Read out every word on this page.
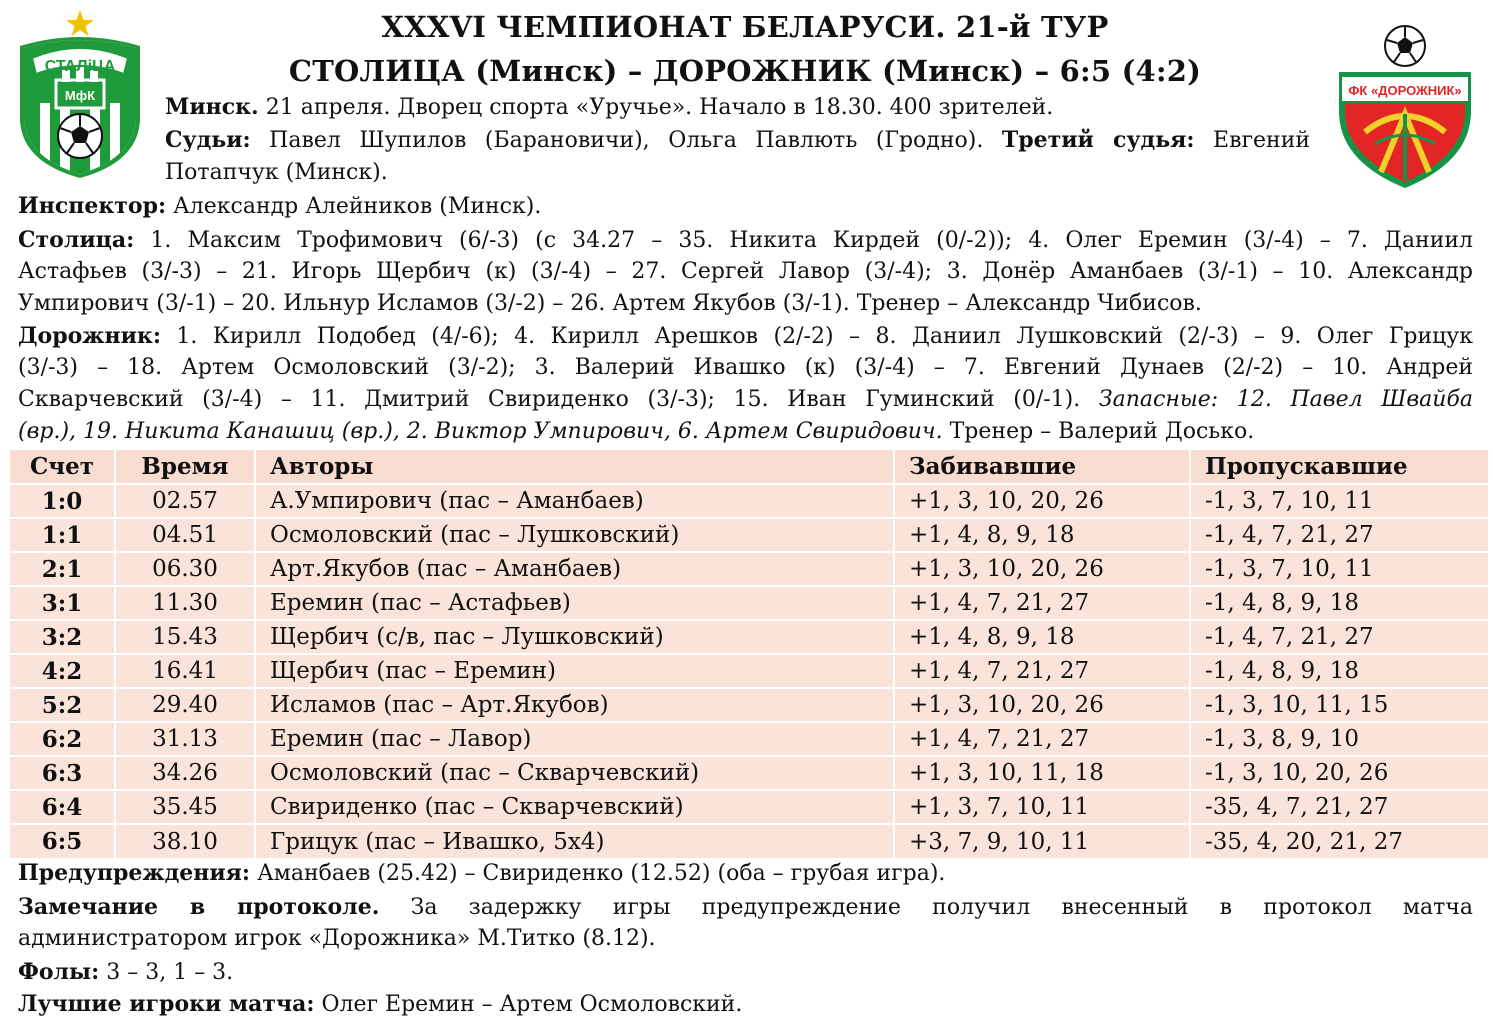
СТАЛіЦА
SC
МфК	ФК «ДОРОЖНИК»
XXXVI ЧЕМПИОНАТ БЕЛАРУСИ. 21-й ТУР
СТОЛИЦА (Минск) – ДОРОЖНИК (Минск) – 6:5 (4:2)
Минск. 21 апреля. Дворец спорта «Уручье». Начало в 18.30. 400 зрителей.
Судьи: Павел Шупилов (Барановичи), Ольга Павлють (Гродно). Третий судья: Евгений
Потапчук (Минск).
Инспектор: Александр Алейников (Минск).
Столица: 1. Максим Трофимович (6/-3) (с 34.27 – 35. Никита Кирдей (0/-2)); 4. Олег Еремин (3/-4) – 7. Даниил
Астафьев (3/-3) – 21. Игорь Щербич (к) (3/-4) – 27. Сергей Лавор (3/-4); 3. Донёр Аманбаев (3/-1) – 10. Александр
Умпирович (3/-1) – 20. Ильнур Исламов (3/-2) – 26. Артем Якубов (3/-1). Тренер – Александр Чибисов.
Дорожник: 1. Кирилл Подобед (4/-6); 4. Кирилл Арешков (2/-2) – 8. Даниил Лушковский (2/-3) – 9. Олег Грицук
(3/-3) – 18. Артем Осмоловский (3/-2); 3. Валерий Ивашко (к) (3/-4) – 7. Евгений Дунаев (2/-2) – 10. Андрей
Скварчевский (3/-4) – 11. Дмитрий Свириденко (3/-3); 15. Иван Гуминский (0/-1). Запасные: 12. Павел Швайба
(вр.), 19. Никита Канашиц (вр.), 2. Виктор Умпирович, 6. Артем Свиридович. Тренер – Валерий Досько.
Счет	Время	Авторы	Забивавшие	Пропускавшие
1:0	02.57	А.Умпирович (пас – Аманбаев)	+1, 3, 10, 20, 26	-1, 3, 7, 10, 11
1:1	04.51	Осмоловский (пас – Лушковский)	+1, 4, 8, 9, 18	-1, 4, 7, 21, 27
2:1	06.30	Арт.Якубов (пас – Аманбаев)	+1, 3, 10, 20, 26	-1, 3, 7, 10, 11
3:1	11.30	Еремин (пас – Астафьев)	+1, 4, 7, 21, 27	-1, 4, 8, 9, 18
3:2	15.43	Щербич (с/в, пас – Лушковский)	+1, 4, 8, 9, 18	-1, 4, 7, 21, 27
4:2	16.41	Щербич (пас – Еремин)	+1, 4, 7, 21, 27	-1, 4, 8, 9, 18
5:2	29.40	Исламов (пас – Арт.Якубов)	+1, 3, 10, 20, 26	-1, 3, 10, 11, 15
6:2	31.13	Еремин (пас – Лавор)	+1, 4, 7, 21, 27	-1, 3, 8, 9, 10
6:3	34.26	Осмоловский (пас – Скварчевский)	+1, 3, 10, 11, 18	-1, 3, 10, 20, 26
6:4	35.45	Свириденко (пас – Скварчевский)	+1, 3, 7, 10, 11	-35, 4, 7, 21, 27
6:5	38.10	Грицук (пас – Ивашко, 5х4)	+3, 7, 9, 10, 11	-35, 4, 20, 21, 27
Предупреждения: Аманбаев (25.42) – Свириденко (12.52) (оба – грубая игра).
Замечание в протоколе. За задержку игры предупреждение получил внесенный в протокол матча
администратором игрок «Дорожника» М.Титко (8.12).
Фолы: 3 – 3, 1 – 3.
Лучшие игроки матча: Олег Еремин – Артем Осмоловский.
